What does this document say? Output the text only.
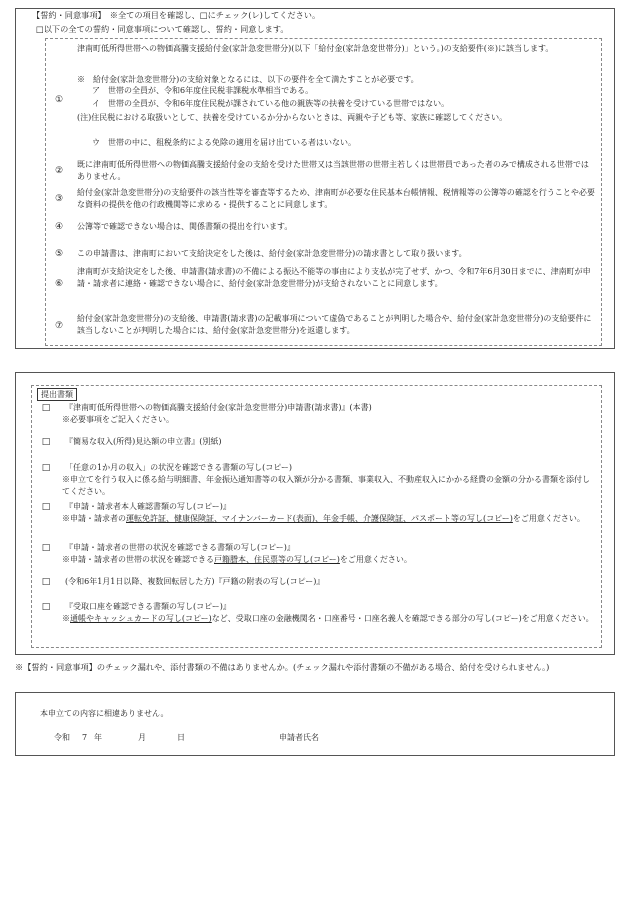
【誓約・同意事項】　※全ての項目を確認し、□にチェック(レ)してください。
□以下の全ての誓約・同意事項について確認し、誓約・同意します。
①
津南町低所得世帯への物価高騰支援給付金(家計急変世帯分)(以下「給付金(家計急変世帯分)」という。)の支給要件(※)に該当します。
※　給付金(家計急変世帯分)の支給対象となるには、以下の要件を全て満たすことが必要です。
ア　世帯の全員が、令和6年度住民税非課税水準相当である。
イ　世帯の全員が、令和6年度住民税が課されている他の親族等の扶養を受けている世帯ではない。
(注)住民税における取扱いとして、扶養を受けているか分からないときは、両親や子ども等、家族に確認してください。
ウ　世帯の中に、租税条約による免除の適用を届け出ている者はいない。
②
既に津南町低所得世帯への物価高騰支援給付金の支給を受けた世帯又は当該世帯の世帯主若しくは世帯員であった者のみで構成される世帯ではありません。
③
給付金(家計急変世帯分)の支給要件の該当性等を審査等するため、津南町が必要な住民基本台帳情報、税情報等の公簿等の確認を行うことや必要な資料の提供を他の行政機関等に求める・提供することに同意します。
④	公簿等で確認できない場合は、関係書類の提出を行います。
⑤	この申請書は、津南町において支給決定をした後は、給付金(家計急変世帯分)の請求書として取り扱います。
⑥
津南町が支給決定をした後、申請書(請求書)の不備による振込不能等の事由により支払が完了せず、かつ、令和7年6月30日までに、津南町が申請・請求者に連絡・確認できない場合に、給付金(家計急変世帯分)が支給されないことに同意します。
⑦
給付金(家計急変世帯分)の支給後、申請書(請求書)の記載事項について虚偽であることが判明した場合や、給付金(家計急変世帯分)の支給要件に該当しないことが判明した場合には、給付金(家計急変世帯分)を返還します。
提出書類
□ 『津南町低所得世帯への物価高騰支援給付金(家計急変世帯分)申請書(請求書)』(本書)
※必要事項をご記入ください。
□ 『簡易な収入(所得)見込額の申立書』(別紙)
□ 「任意の1か月の収入」の状況を確認できる書類の写し(コピー)
※申立てを行う収入に係る給与明細書、年金振込通知書等の収入額が分かる書類、事業収入、不動産収入にかかる経費の金額の分かる書類を添付してください。
□ 『申請・請求者本人確認書類の写し(コピー)』
※申請・請求者の運転免許証、健康保険証、マイナンバーカード(表面)、年金手帳、介護保険証、パスポート等の写し(コピー)をご用意ください。
□ 『申請・請求者の世帯の状況を確認できる書類の写し(コピー)』
※申請・請求者の世帯の状況を確認できる戸籍謄本、住民票等の写し(コピー)をご用意ください。
□ (令和6年1月1日以降、複数回転居した方)『戸籍の附表の写し(コピー)』
□ 『受取口座を確認できる書類の写し(コピー)』
※通帳やキャッシュカードの写し(コピー)など、受取口座の金融機関名・口座番号・口座名義人を確認できる部分の写し(コピー)をご用意ください。
※【誓約・同意事項】のチェック漏れや、添付書類の不備はありませんか。(チェック漏れや添付書類の不備がある場合、給付を受けられません。)
本申立ての内容に相違ありません。
令和 7 年	月	日	申請者氏名
